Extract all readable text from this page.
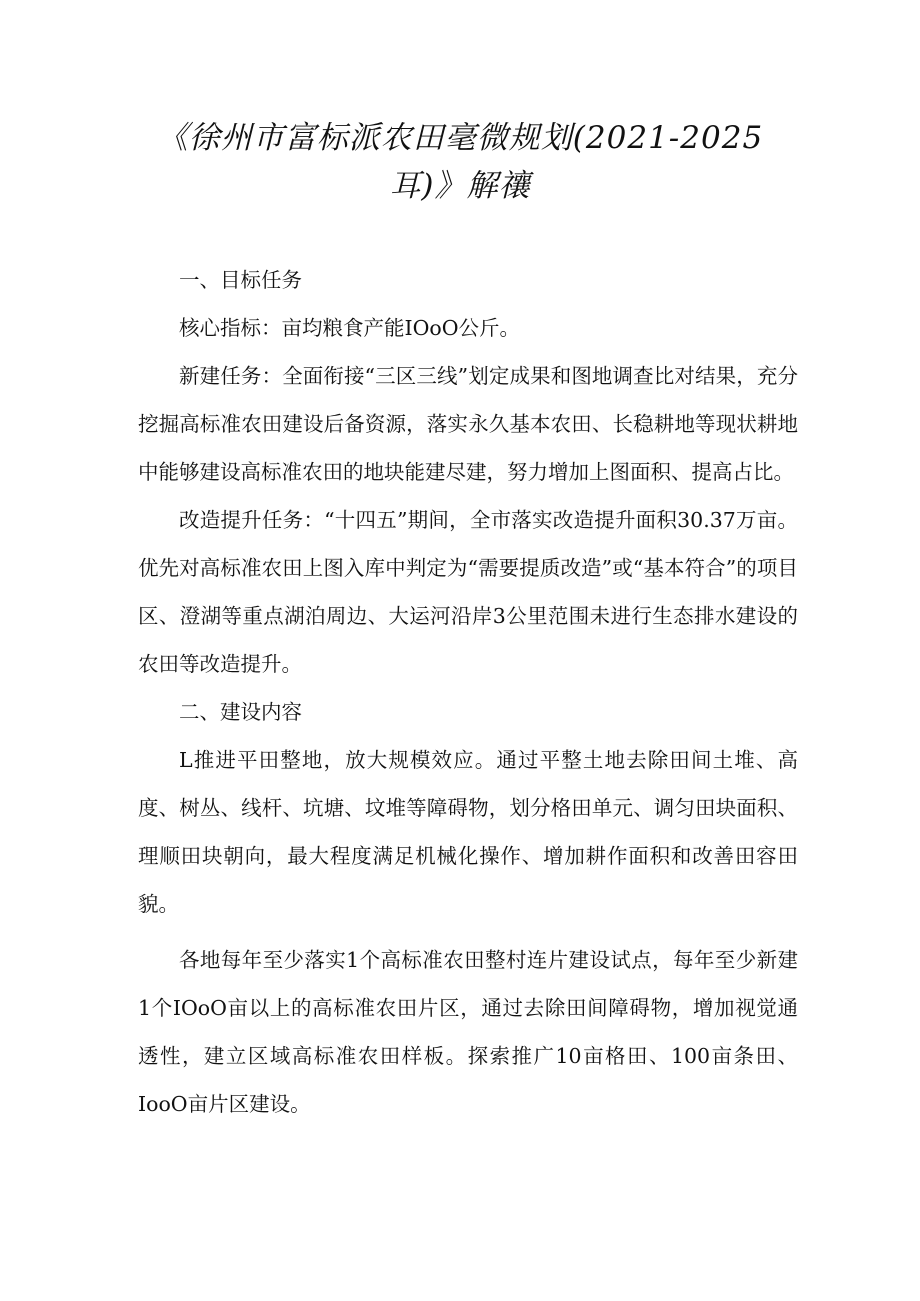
《徐州市富标派农田毫微规划(2021-2025
耳)》解禳

一、目标任务

核心指标：亩均粮食产能IOoO公斤。

新建任务：全面衔接“三区三线”划定成果和图地调查比对结果，充分挖掘高标准农田建设后备资源，落实永久基本农田、长稳耕地等现状耕地中能够建设高标准农田的地块能建尽建，努力增加上图面积、提高占比。

改造提升任务：“十四五”期间，全市落实改造提升面积30.37万亩。优先对高标准农田上图入库中判定为“需要提质改造”或“基本符合”的项目区、澄湖等重点湖泊周边、大运河沿岸3公里范围未进行生态排水建设的农田等改造提升。

二、建设内容

L推进平田整地，放大规模效应。通过平整土地去除田间土堆、高度、树丛、线杆、坑塘、坟堆等障碍物，划分格田单元、调匀田块面积、理顺田块朝向，最大程度满足机械化操作、增加耕作面积和改善田容田貌。

各地每年至少落实1个高标准农田整村连片建设试点，每年至少新建1个IOoO亩以上的高标准农田片区，通过去除田间障碍物，增加视觉通透性，建立区域高标准农田样板。探索推广10亩格田、100亩条田、IooO亩片区建设。
